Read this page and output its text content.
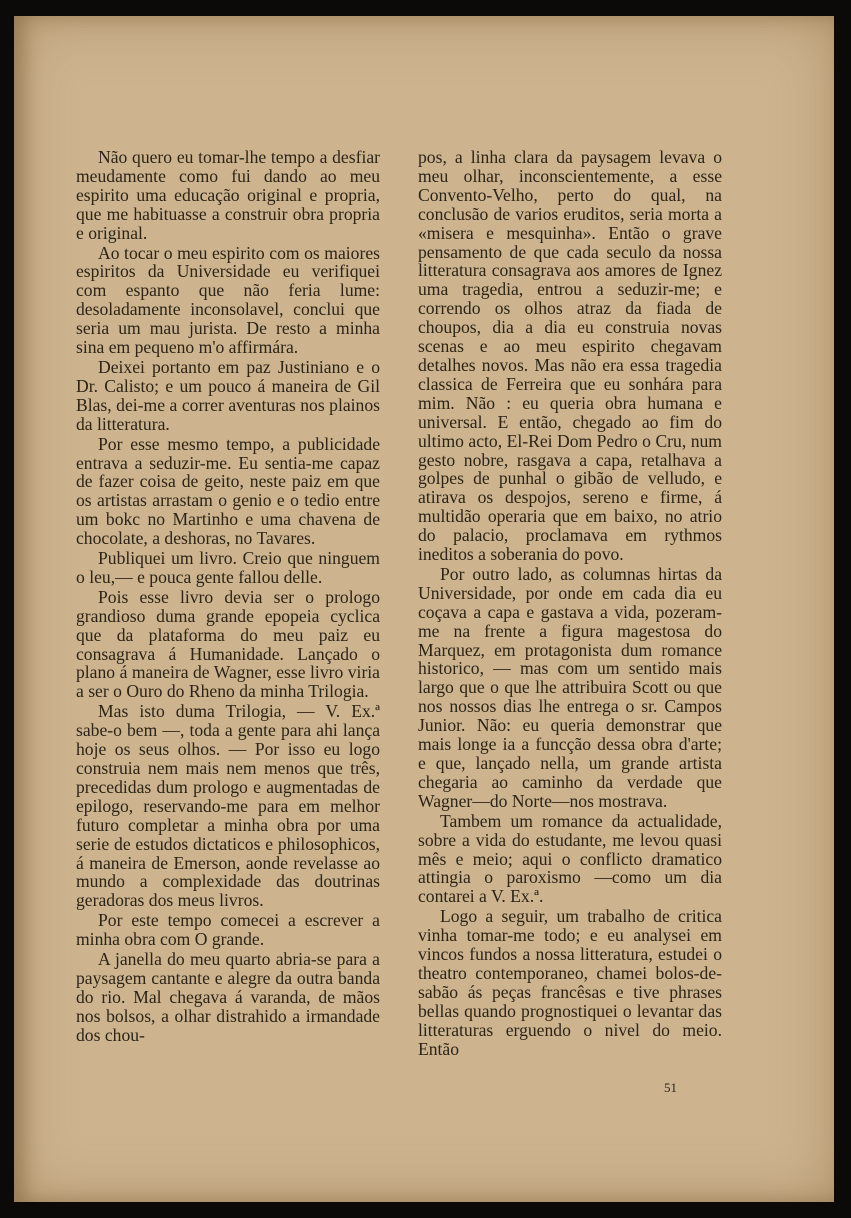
Não quero eu tomar-lhe tempo a desfiar meudamente como fui dando ao meu espirito uma educação original e propria, que me habituasse a construir obra propria e original.

Ao tocar o meu espirito com os maiores espiritos da Universidade eu verifiquei com espanto que não feria lume: desoladamente inconsolavel, conclui que seria um mau jurista. De resto a minha sina em pequeno m'o affirmára.

Deixei portanto em paz Justiniano e o Dr. Calisto; e um pouco á maneira de Gil Blas, dei-me a correr aventuras nos plainos da litteratura.

Por esse mesmo tempo, a publicidade entrava a seduzir-me. Eu sentia-me capaz de fazer coisa de geito, neste paiz em que os artistas arrastam o genio e o tedio entre um bokc no Martinho e uma chavena de chocolate, a deshoras, no Tavares.

Publiquei um livro. Creio que ninguem o leu,— e pouca gente fallou delle.

Pois esse livro devia ser o prologo grandioso duma grande epopeia cyclica que da plataforma do meu paiz eu consagrava á Humanidade. Lançado o plano á maneira de Wagner, esse livro viria a ser o Ouro do Rheno da minha Trilogia.

Mas isto duma Trilogia, — V. Ex.ª sabe-o bem —, toda a gente para ahi lança hoje os seus olhos. — Por isso eu logo construia nem mais nem menos que três, precedidas dum prologo e augmentadas de epilogo, reservando-me para em melhor futuro completar a minha obra por uma serie de estudos dictaticos e philosophicos, á maneira de Emerson, aonde revelasse ao mundo a complexidade das doutrinas geradoras dos meus livros.

Por este tempo comecei a escrever a minha obra com O grande.

A janella do meu quarto abria-se para a paysagem cantante e alegre da outra banda do rio. Mal chegava á varanda, de mãos nos bolsos, a olhar distrahido a irmandade dos chou-

pos, a linha clara da paysagem levava o meu olhar, inconscientemente, a esse Convento-Velho, perto do qual, na conclusão de varios eruditos, seria morta a «misera e mesquinha». Então o grave pensamento de que cada seculo da nossa litteratura consagrava aos amores de Ignez uma tragedia, entrou a seduzir-me; e correndo os olhos atraz da fiada de choupos, dia a dia eu construia novas scenas e ao meu espirito chegavam detalhes novos. Mas não era essa tragedia classica de Ferreira que eu sonhára para mim. Não : eu queria obra humana e universal. E então, chegado ao fim do ultimo acto, El-Rei Dom Pedro o Cru, num gesto nobre, rasgava a capa, retalhava a golpes de punhal o gibão de velludo, e atirava os despojos, sereno e firme, á multidão operaria que em baixo, no atrio do palacio, proclamava em rythmos ineditos a soberania do povo.

Por outro lado, as columnas hirtas da Universidade, por onde em cada dia eu coçava a capa e gastava a vida, pozeram-me na frente a figura magestosa do Marquez, em protagonista dum romance historico, — mas com um sentido mais largo que o que lhe attribuira Scott ou que nos nossos dias lhe entrega o sr. Campos Junior. Não: eu queria demonstrar que mais longe ia a funcção dessa obra d'arte; e que, lançado nella, um grande artista chegaria ao caminho da verdade que Wagner—do Norte—nos mostrava.

Tambem um romance da actualidade, sobre a vida do estudante, me levou quasi mês e meio; aqui o conflicto dramatico attingia o paroxismo —como um dia contarei a V. Ex.ª.

Logo a seguir, um trabalho de critica vinha tomar-me todo; e eu analysei em vincos fundos a nossa litteratura, estudei o theatro contemporaneo, chamei bolos-de-sabão ás peças francêsas e tive phrases bellas quando prognostiquei o levantar das litteraturas erguendo o nivel do meio. Então

51
